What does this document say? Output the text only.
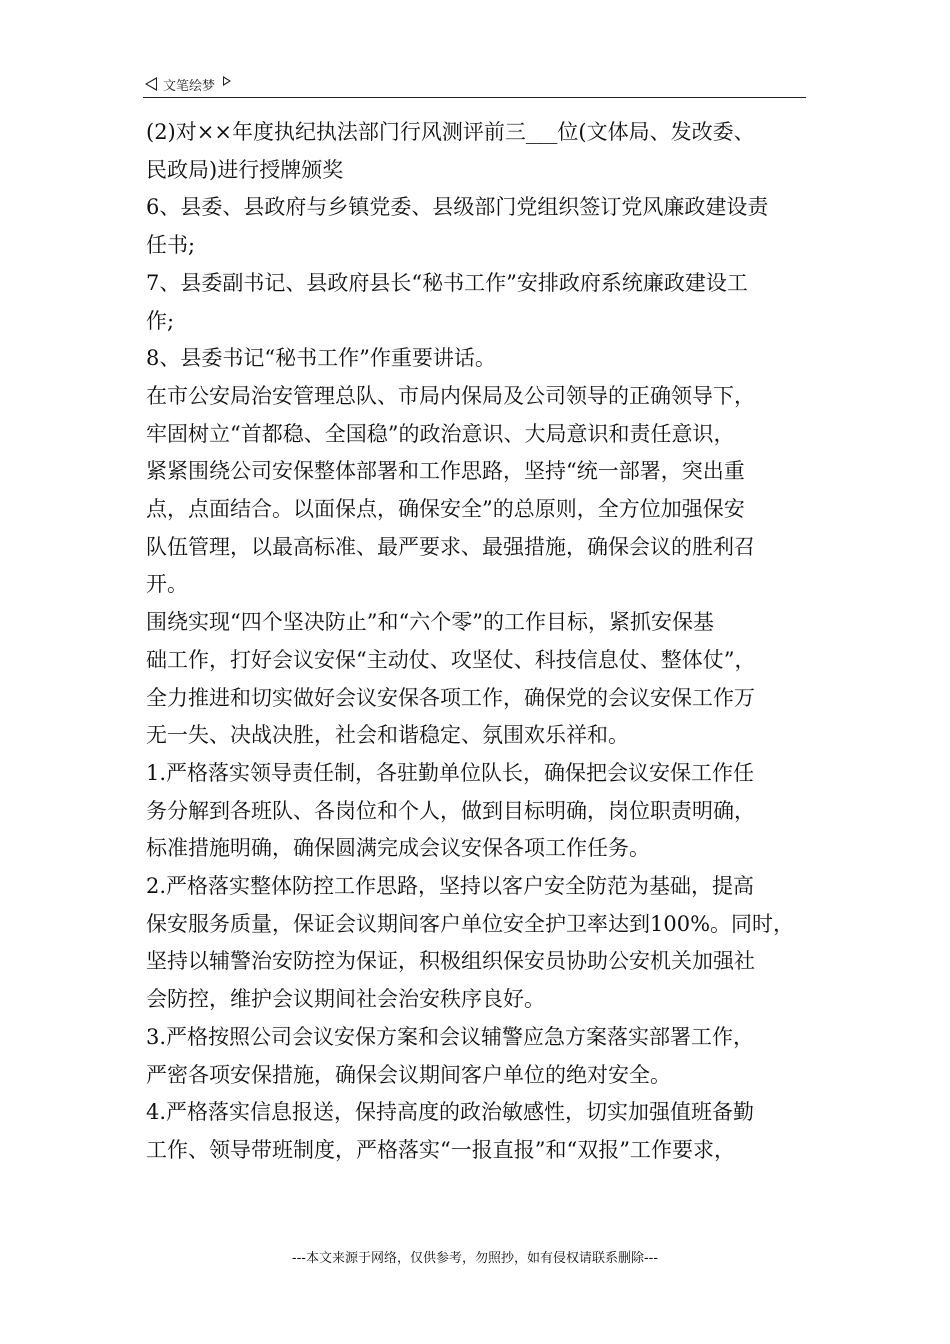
文笔绘梦

(2)对××年度执纪执法部门行风测评前三___位(文体局、发改委、
民政局)进行授牌颁奖

6、县委、县政府与乡镇党委、县级部门党组织签订党风廉政建设责
任书;

7、县委副书记、县政府县长“秘书工作”安排政府系统廉政建设工
作;

8、县委书记“秘书工作”作重要讲话。

在市公安局治安管理总队、市局内保局及公司领导的正确领导下，
牢固树立“首都稳、全国稳”的政治意识、大局意识和责任意识，
紧紧围绕公司安保整体部署和工作思路，坚持“统一部署，突出重
点，点面结合。以面保点，确保安全”的总原则，全方位加强保安
队伍管理，以最高标准、最严要求、最强措施，确保会议的胜利召
开。

围绕实现“四个坚决防止”和“六个零”的工作目标，紧抓安保基
础工作，打好会议安保“主动仗、攻坚仗、科技信息仗、整体仗”，
全力推进和切实做好会议安保各项工作，确保党的会议安保工作万
无一失、决战决胜，社会和谐稳定、氛围欢乐祥和。

1.严格落实领导责任制，各驻勤单位队长，确保把会议安保工作任
务分解到各班队、各岗位和个人，做到目标明确，岗位职责明确，
标准措施明确，确保圆满完成会议安保各项工作任务。

2.严格落实整体防控工作思路，坚持以客户安全防范为基础，提高
保安服务质量，保证会议期间客户单位安全护卫率达到100%。同时，
坚持以辅警治安防控为保证，积极组织保安员协助公安机关加强社
会防控，维护会议期间社会治安秩序良好。

3.严格按照公司会议安保方案和会议辅警应急方案落实部署工作，
严密各项安保措施，确保会议期间客户单位的绝对安全。

4.严格落实信息报送，保持高度的政治敏感性，切实加强值班备勤
工作、领导带班制度，严格落实“一报直报”和“双报”工作要求，

---本文来源于网络，仅供参考，勿照抄，如有侵权请联系删除---
